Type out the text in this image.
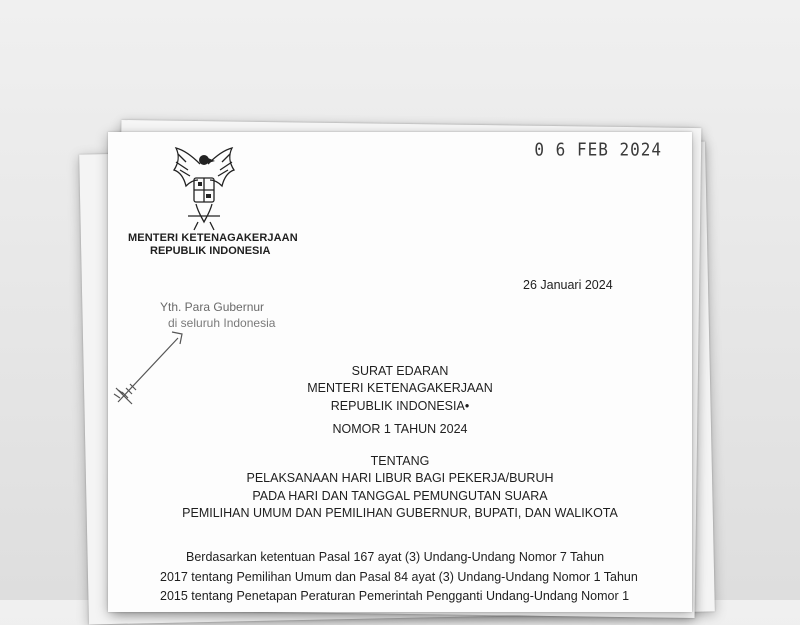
MENTERI KETENAGAKERJAAN
REPUBLIK INDONESIA
0 6 FEB 2024
26 Januari 2024
Yth. Para Gubernur
di seluruh Indonesia
SURAT EDARAN
MENTERI KETENAGAKERJAAN
REPUBLIK INDONESIA•
NOMOR 1 TAHUN 2024
TENTANG
PELAKSANAAN HARI LIBUR BAGI PEKERJA/BURUH
PADA HARI DAN TANGGAL PEMUNGUTAN SUARA
PEMILIHAN UMUM DAN PEMILIHAN GUBERNUR, BUPATI, DAN WALIKOTA
Berdasarkan ketentuan Pasal 167 ayat (3) Undang-Undang Nomor 7 Tahun
2017 tentang Pemilihan Umum dan Pasal 84 ayat (3) Undang-Undang Nomor 1 Tahun
2015 tentang Penetapan Peraturan Pemerintah Pengganti Undang-Undang Nomor 1
